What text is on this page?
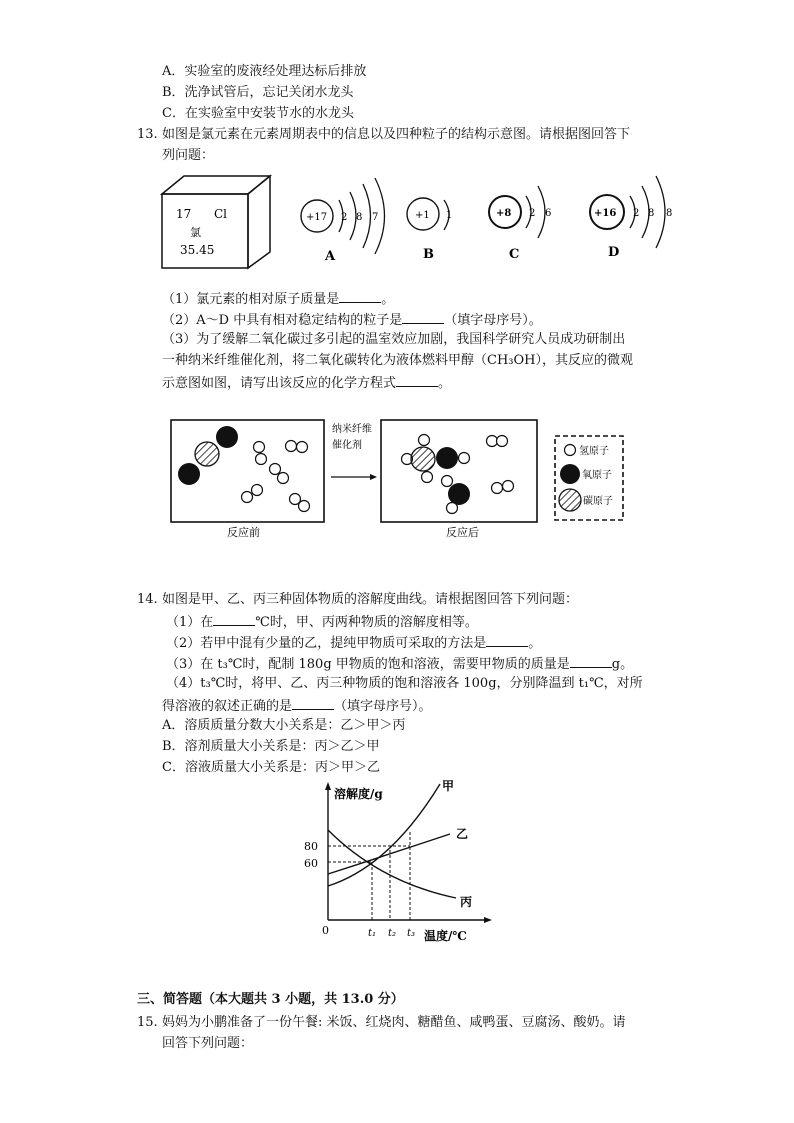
A．实验室的废液经处理达标后排放
B．洗净试管后，忘记关闭水龙头
C．在实验室中安装节水的水龙头
13. 如图是氯元素在元素周期表中的信息以及四种粒子的结构示意图。请根据图回答下
列问题：
17 Cl
氯
35.45
+17 2 8 7
A
+1 1
B
+8 2 6
C
+16 2 8 8
D
（1）氯元素的相对原子质量是	。
（2）A～D 中具有相对稳定结构的粒子是	（填字母序号）。
（3）为了缓解二氧化碳过多引起的温室效应加剧，我国科学研究人员成功研制出
一种纳米纤维催化剂，将二氧化碳转化为液体燃料甲醇（CH₃OH），其反应的微观
示意图如图，请写出该反应的化学方程式	。
反应前
纳米纤维
催化剂
反应后
氢原子
氧原子
碳原子
14. 如图是甲、乙、丙三种固体物质的溶解度曲线。请根据图回答下列问题：
（1）在	℃时，甲、丙两种物质的溶解度相等。
（2）若甲中混有少量的乙，提纯甲物质可采取的方法是	。
（3）在 t₃℃时，配制 180g 甲物质的饱和溶液，需要甲物质的质量是	g。
（4）t₃℃时，将甲、乙、丙三种物质的饱和溶液各 100g，分别降温到 t₁℃，对所
得溶液的叙述正确的是	（填字母序号）。
A．溶质质量分数大小关系是：乙＞甲＞丙
B．溶剂质量大小关系是：丙＞乙＞甲
C．溶液质量大小关系是：丙＞甲＞乙
溶解度/g
温度/℃
0
80
60
t₁ t₂ t₃
甲
乙
丙
三、简答题（本大题共 3 小题，共 13.0 分）
15. 妈妈为小鹏准备了一份午餐: 米饭、红烧肉、糖醋鱼、咸鸭蛋、豆腐汤、酸奶。请
回答下列问题：
